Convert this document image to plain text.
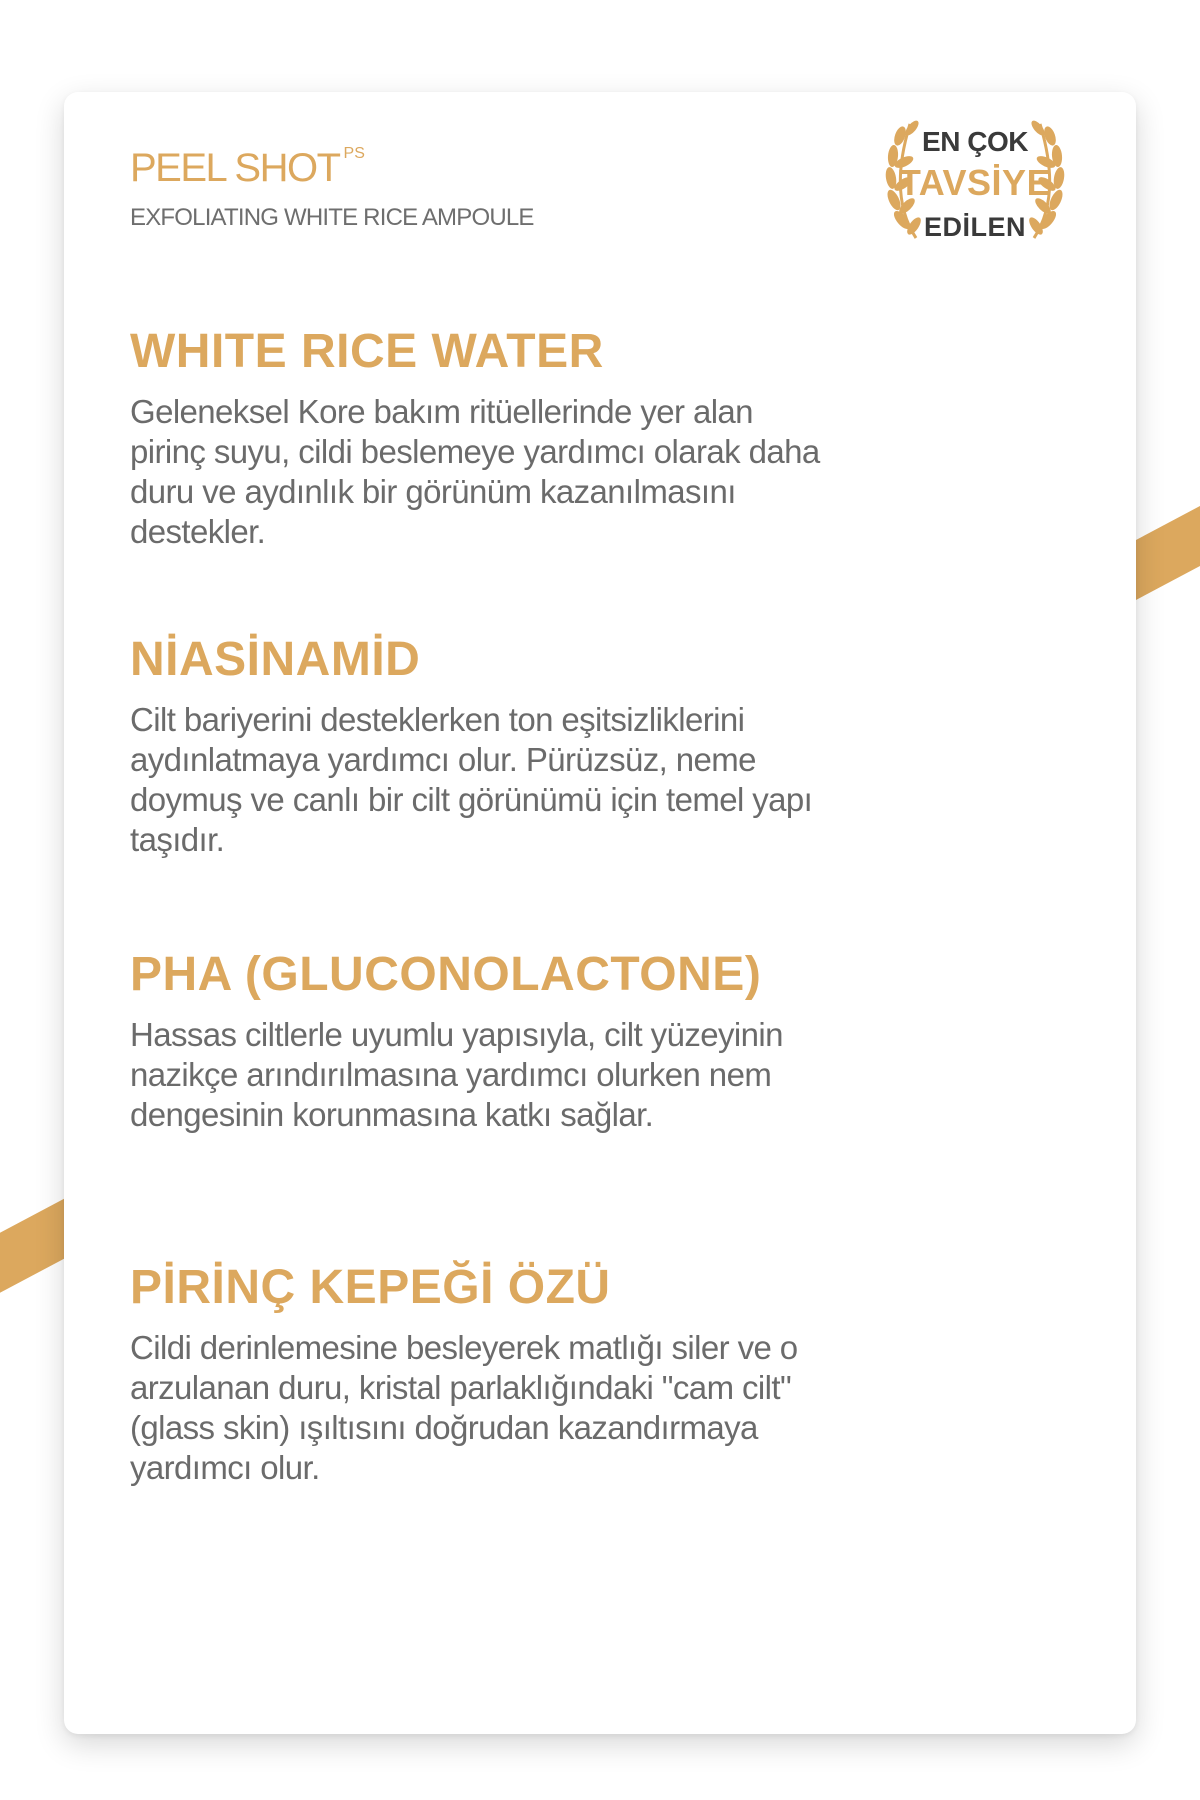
PEEL SHOT $^{PS}$
EXFOLIATING WHITE RICE AMPOULE
EN ÇOK
TAVSİYE
EDİLEN
WHITE RICE WATER

Geleneksel Kore bakım ritüellerinde yer alan pirinç suyu, cildi beslemeye yardımcı olarak daha duru ve aydınlık bir görünüm kazanılmasını destekler.

NİASİNAMİD

Cilt bariyerini desteklerken ton eşitsizliklerini aydınlatmaya yardımcı olur. Pürüzsüz, neme doymuş ve canlı bir cilt görünümü için temel yapı taşıdır.

PHA (GLUCONOLACTONE)

Hassas ciltlerle uyumlu yapısıyla, cilt yüzeyinin nazikçe arındırılmasına yardımcı olurken nem dengesinin korunmasına katkı sağlar.

PİRİNÇ KEPEĞİ ÖZÜ

Cildi derinlemesine besleyerek matlığı siler ve o arzulanan duru, kristal parlaklığındaki "cam cilt" (glass skin) ışıltısını doğrudan kazandırmaya yardımcı olur.
